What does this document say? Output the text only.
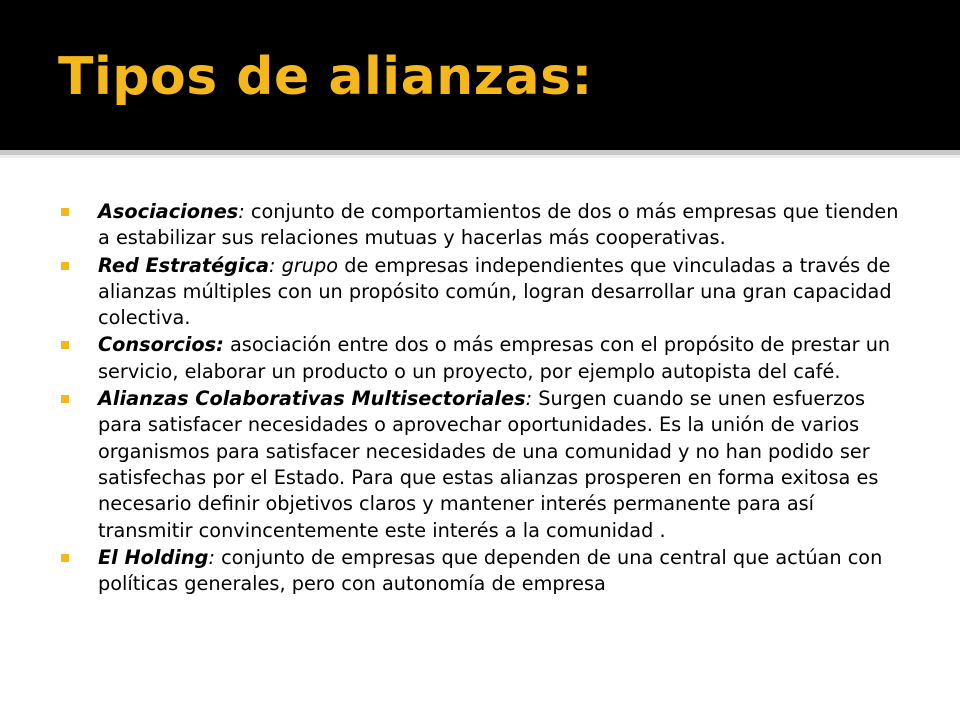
Tipos de alianzas:
Asociaciones: conjunto de comportamientos de dos o más empresas que tienden a estabilizar sus relaciones mutuas y hacerlas más cooperativas.
Red Estratégica: grupo de empresas independientes que vinculadas a través de alianzas múltiples con un propósito común, logran desarrollar una gran capacidad colectiva.
Consorcios: asociación entre dos o más empresas con el propósito de prestar un servicio, elaborar un producto o un proyecto, por ejemplo autopista del café.
Alianzas Colaborativas Multisectoriales: Surgen cuando se unen esfuerzos para satisfacer necesidades o aprovechar oportunidades. Es la unión de varios organismos para satisfacer necesidades de una comunidad y no han podido ser satisfechas por el Estado. Para que estas alianzas prosperen en forma exitosa es necesario definir objetivos claros y mantener interés permanente para así transmitir convincentemente este interés a la comunidad .
El Holding: conjunto de empresas que dependen de una central que actúan con políticas generales, pero con autonomía de empresa
